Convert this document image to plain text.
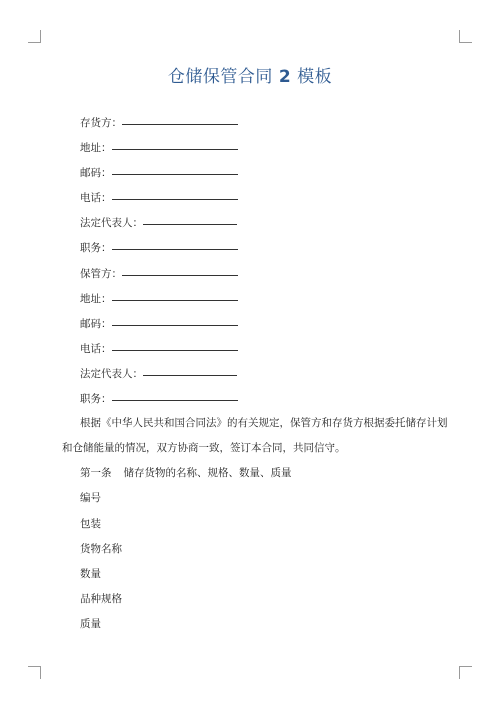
仓储保管合同 2 模板
存货方：
地址：
邮码：
电话：
法定代表人：
职务：
保管方：
地址：
邮码：
电话：
法定代表人：
职务：
根据《中华人民共和国合同法》的有关规定，保管方和存货方根据委托储存计划
和仓储能量的情况，双方协商一致，签订本合同，共同信守。
第一条 储存货物的名称、规格、数量、质量
编号
包装
货物名称
数量
品种规格
质量
